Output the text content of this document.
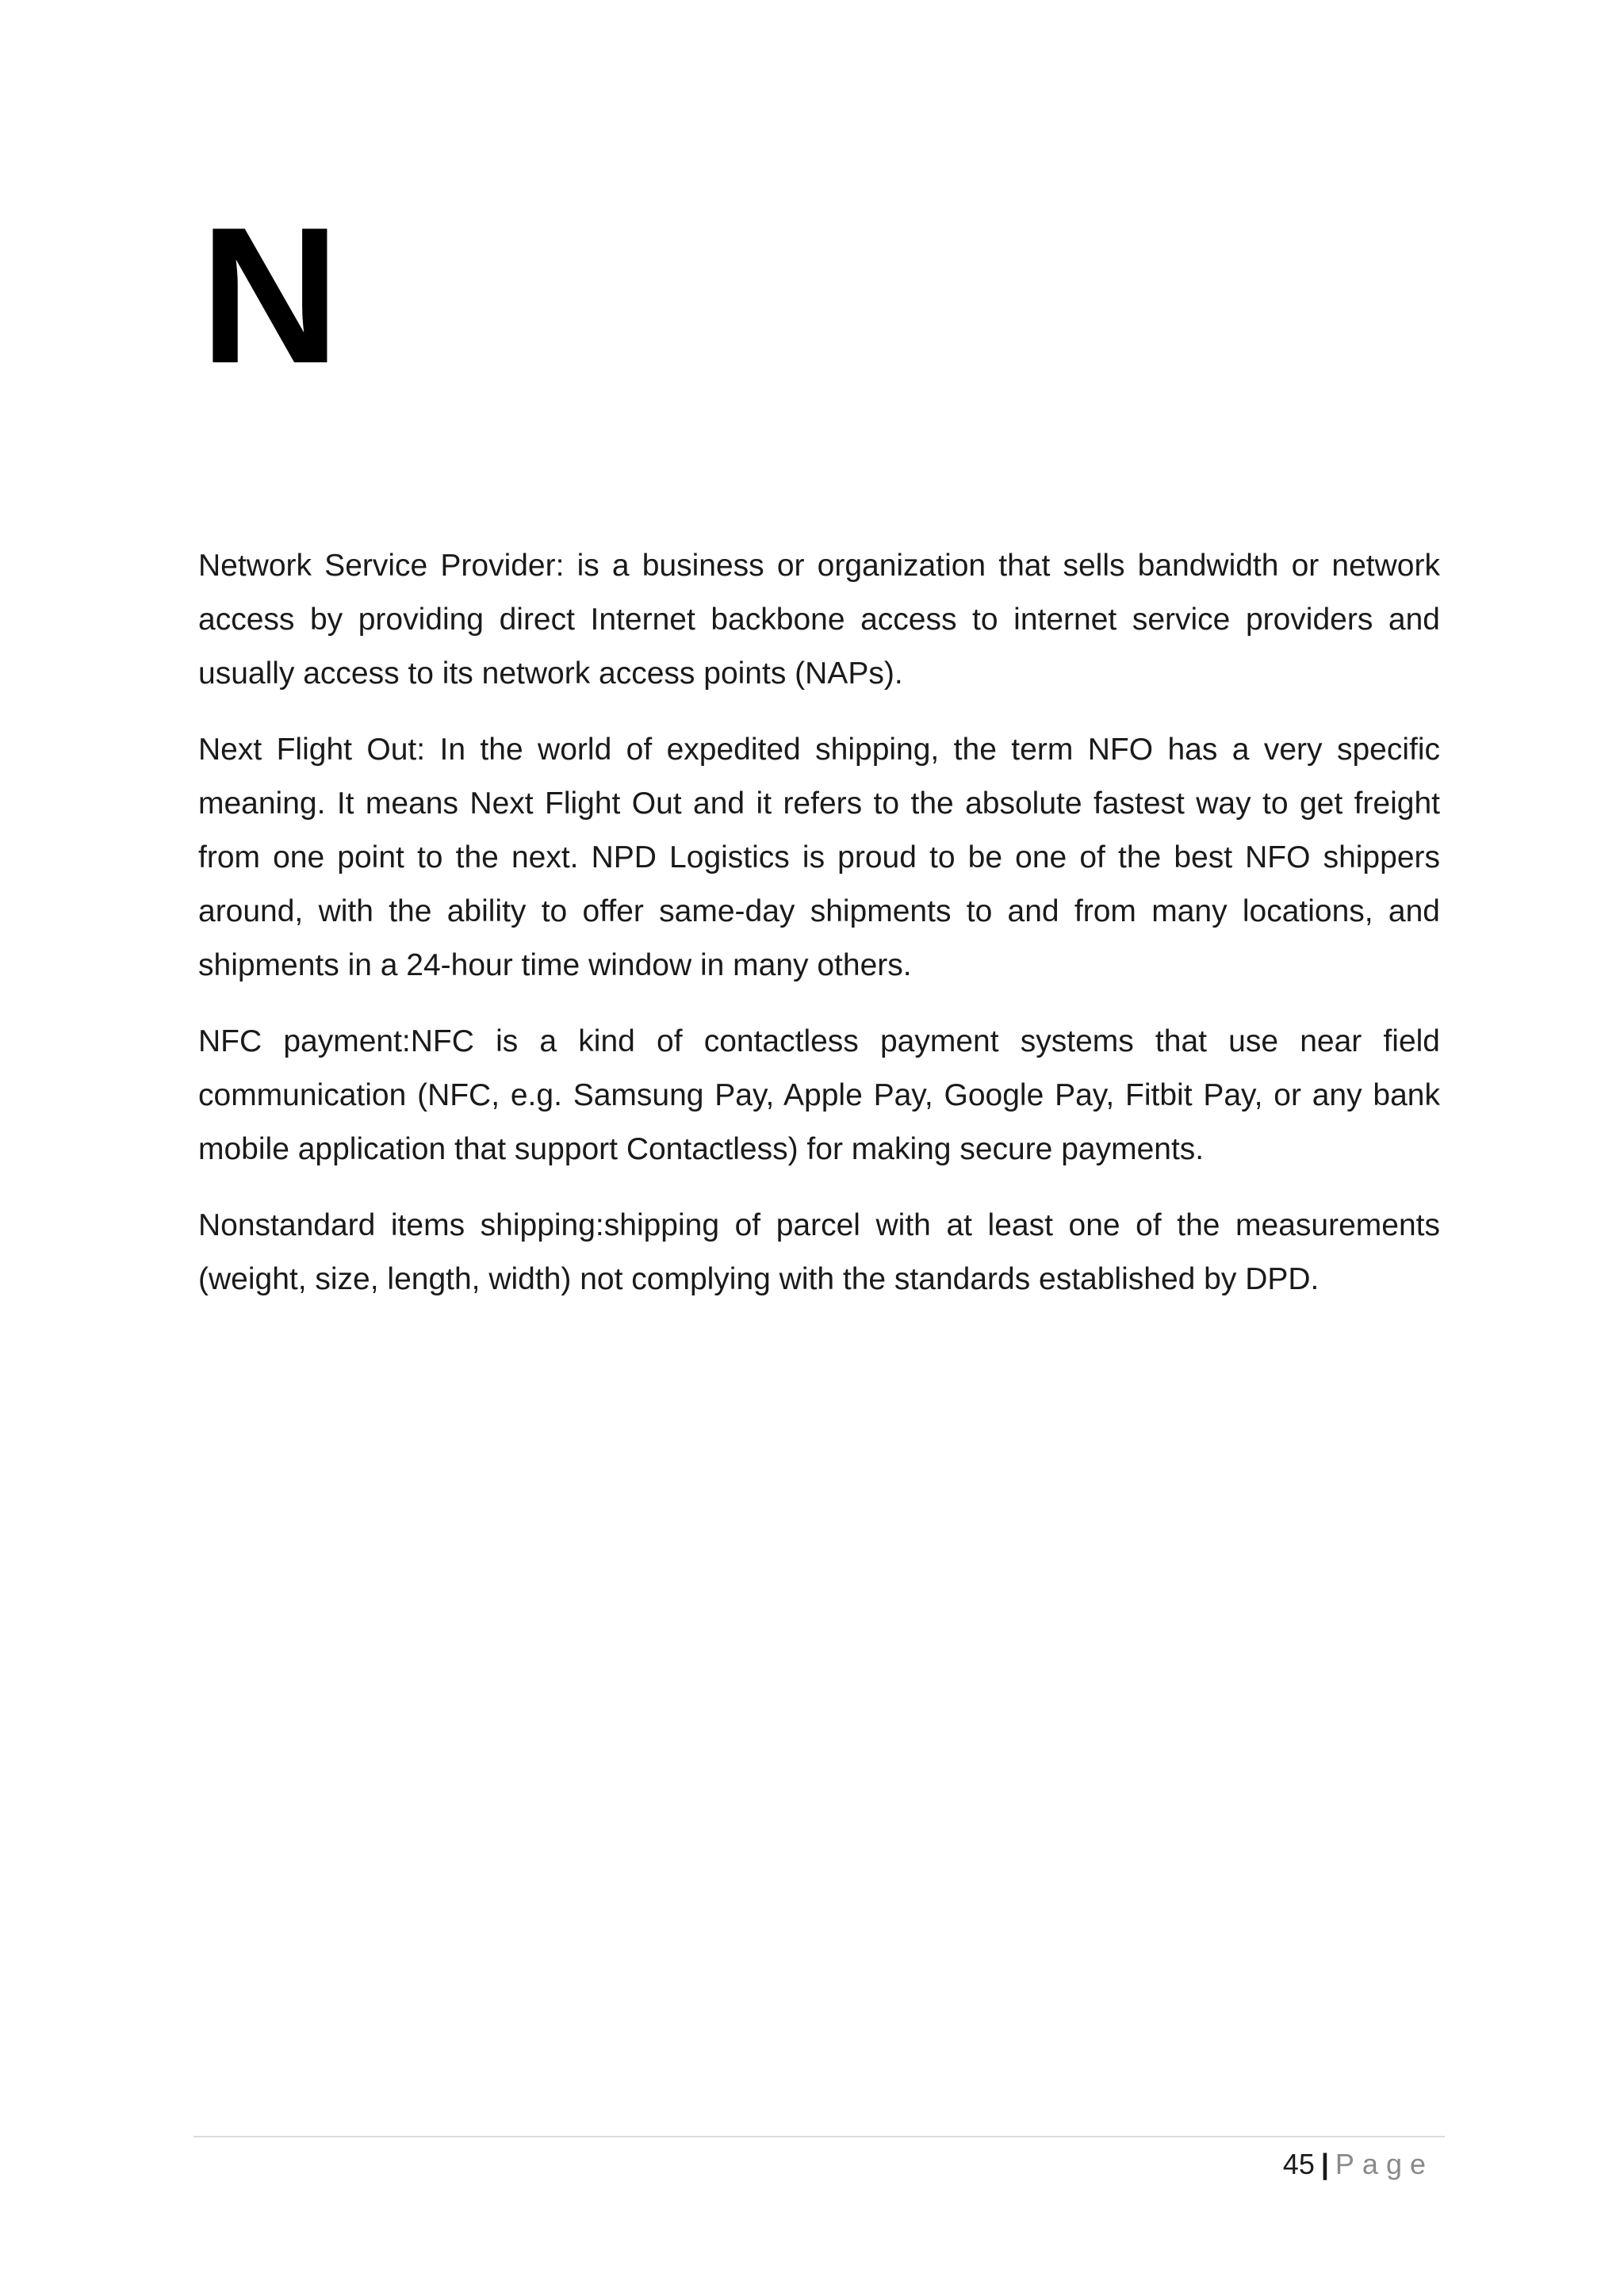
N

Network Service Provider: is a business or organization that sells bandwidth or network access by providing direct Internet backbone access to internet service providers and usually access to its network access points (NAPs).

Next Flight Out: In the world of expedited shipping, the term NFO has a very specific meaning. It means Next Flight Out and it refers to the absolute fastest way to get freight from one point to the next. NPD Logistics is proud to be one of the best NFO shippers around, with the ability to offer same-day shipments to and from many locations, and shipments in a 24-hour time window in many others.

NFC payment:NFC is a kind of contactless payment systems that use near field communication (NFC, e.g. Samsung Pay, Apple Pay, Google Pay, Fitbit Pay, or any bank mobile application that support Contactless) for making secure payments.

Nonstandard items shipping:shipping of parcel with at least one of the measurements (weight, size, length, width) not complying with the standards established by DPD.

45 | Page
